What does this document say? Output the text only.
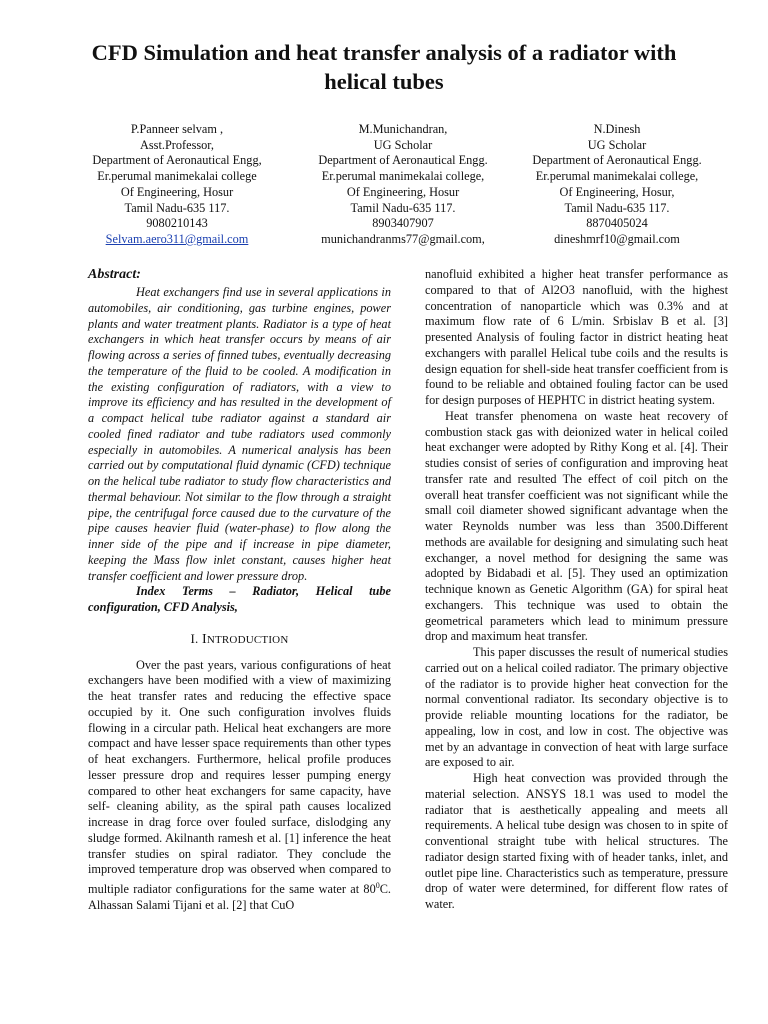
CFD Simulation and heat transfer analysis of a radiator with helical tubes
P.Panneer selvam ,
Asst.Professor,
Department of Aeronautical Engg,
Er.perumal manimekalai college
Of Engineering, Hosur
Tamil Nadu-635 117.
9080210143
Selvam.aero311@gmail.com
M.Munichandran,
UG Scholar
Department of Aeronautical Engg.
Er.perumal manimekalai college,
Of Engineering, Hosur
Tamil Nadu-635 117.
8903407907
munichandranms77@gmail.com,
N.Dinesh
UG Scholar
Department of Aeronautical Engg.
Er.perumal manimekalai college,
Of Engineering, Hosur,
Tamil Nadu-635 117.
8870405024
dineshmrf10@gmail.com
Abstract:

Heat exchangers find use in several applications in automobiles, air conditioning, gas turbine engines, power plants and water treatment plants. Radiator is a type of heat exchangers in which heat transfer occurs by means of air flowing across a series of finned tubes, eventually decreasing the temperature of the fluid to be cooled. A modification in the existing configuration of radiators, with a view to improve its efficiency and has resulted in the development of a compact helical tube radiator against a standard air cooled fined radiator and tube radiators used commonly especially in automobiles. A numerical analysis has been carried out by computational fluid dynamic (CFD) technique on the helical tube radiator to study flow characteristics and thermal behaviour. Not similar to the flow through a straight pipe, the centrifugal force caused due to the curvature of the pipe causes heavier fluid (water-phase) to flow along the inner side of the pipe and if increase in pipe diameter, keeping the Mass flow inlet constant, causes higher heat transfer coefficient and lower pressure drop.

Index Terms – Radiator, Helical tube configuration, CFD Analysis,

I. INTRODUCTION

Over the past years, various configurations of heat exchangers have been modified with a view of maximizing the heat transfer rates and reducing the effective space occupied by it. One such configuration involves fluids flowing in a circular path. Helical heat exchangers are more compact and have lesser space requirements than other types of heat exchangers. Furthermore, helical profile produces lesser pressure drop and requires lesser pumping energy compared to other heat exchangers for same capacity, have self- cleaning ability, as the spiral path causes localized increase in drag force over fouled surface, dislodging any sludge formed. Akilnanth ramesh et al. [1] inference the heat transfer studies on spiral radiator. They conclude the improved temperature drop was observed when compared to multiple radiator configurations for the same water at $80^0C$. Alhassan Salami Tijani et al. [2] that CuO

nanofluid exhibited a higher heat transfer performance as compared to that of Al2O3 nanofluid, with the highest concentration of nanoparticle which was 0.3% and at maximum flow rate of 6 L/min. Srbislav B et al. [3] presented Analysis of fouling factor in district heating heat exchangers with parallel Helical tube coils and the results is design equation for shell-side heat transfer coefficient from is found to be reliable and obtained fouling factor can be used for design purposes of HEPHTC in district heating system.

Heat transfer phenomena on waste heat recovery of combustion stack gas with deionized water in helical coiled heat exchanger were adopted by Rithy Kong et al. [4]. Their studies consist of series of configuration and improving heat transfer rate and resulted The effect of coil pitch on the overall heat transfer coefficient was not significant while the small coil diameter showed significant advantage when the water Reynolds number was less than 3500.Different methods are available for designing and simulating such heat exchanger, a novel method for designing the same was adopted by Bidabadi et al. [5]. They used an optimization technique known as Genetic Algorithm (GA) for spiral heat exchangers. This technique was used to obtain the geometrical parameters which lead to minimum pressure drop and maximum heat transfer.

This paper discusses the result of numerical studies carried out on a helical coiled radiator. The primary objective of the radiator is to provide higher heat convection for the normal conventional radiator. Its secondary objective is to provide reliable mounting locations for the radiator, be appealing, low in cost, and low in cost. The objective was met by an advantage in convection of heat with large surface are exposed to air.

High heat convection was provided through the material selection. ANSYS 18.1 was used to model the radiator that is aesthetically appealing and meets all requirements. A helical tube design was chosen to in spite of conventional straight tube with helical structures. The radiator design started fixing with of header tanks, inlet, and outlet pipe line. Characteristics such as temperature, pressure drop of water were determined, for different flow rates of water.
